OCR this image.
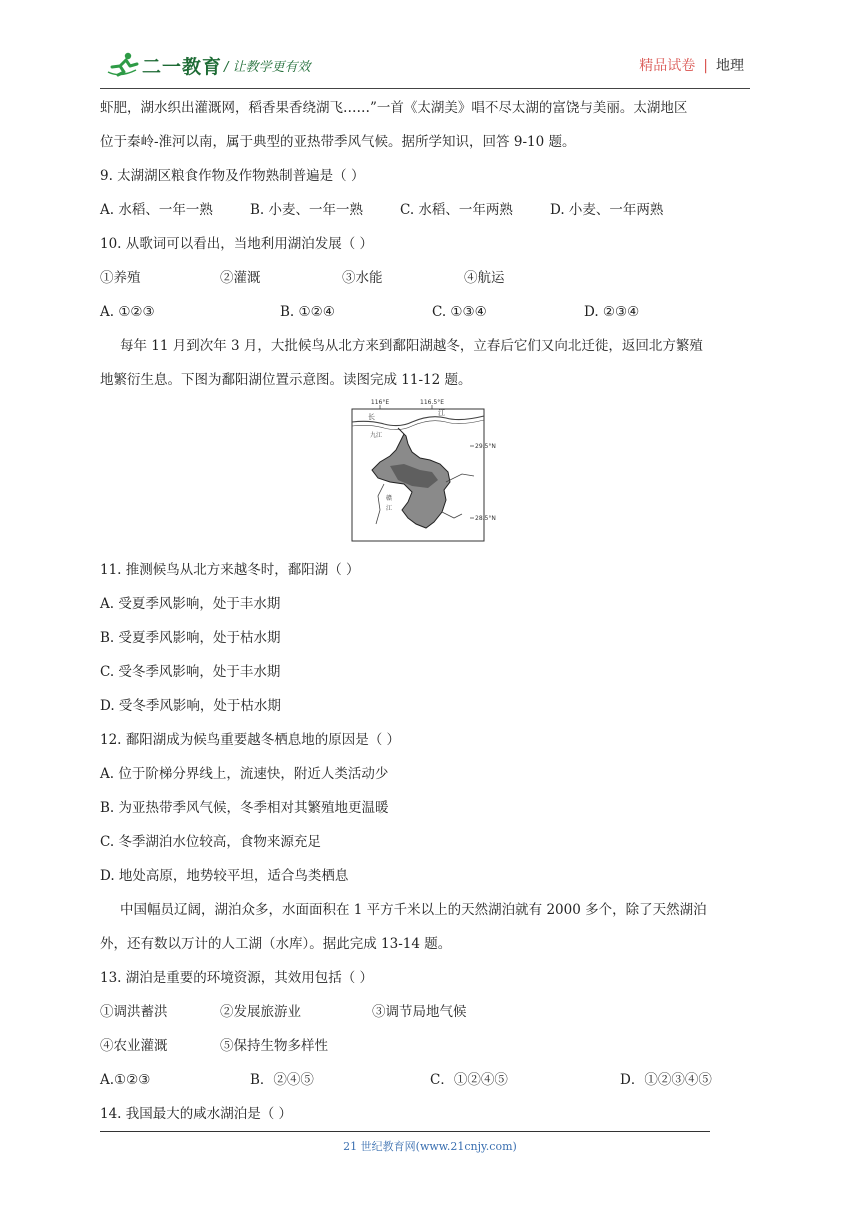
二一教育 / 让教学更有效	精品试卷 | 地理
虾肥，湖水织出灌溉网，稻香果香绕湖飞……”一首《太湖美》唱不尽太湖的富饶与美丽。太湖地区
位于秦岭-淮河以南，属于典型的亚热带季风气候。据所学知识，回答 9-10 题。
9. 太湖湖区粮食作物及作物熟制普遍是（ ）
A. 水稻、一年一熟	B. 小麦、一年一熟	C. 水稻、一年两熟	D. 小麦、一年两熟
10. 从歌词可以看出，当地利用湖泊发展（ ）
①养殖	②灌溉	③水能	④航运
A. ①②③	B. ①②④	C. ①③④	D. ②③④
每年 11 月到次年 3 月，大批候鸟从北方来到鄱阳湖越冬，立春后它们又向北迁徙，返回北方繁殖
地繁衍生息。下图为鄱阳湖位置示意图。读图完成 11-12 题。
116°E	116.5°E
29.5°N
28.5°N
长	江
九江
赣
江
11. 推测候鸟从北方来越冬时，鄱阳湖（ ）
A. 受夏季风影响，处于丰水期
B. 受夏季风影响，处于枯水期
C. 受冬季风影响，处于丰水期
D. 受冬季风影响，处于枯水期
12. 鄱阳湖成为候鸟重要越冬栖息地的原因是（ ）
A. 位于阶梯分界线上，流速快，附近人类活动少
B. 为亚热带季风气候，冬季相对其繁殖地更温暖
C. 冬季湖泊水位较高，食物来源充足
D. 地处高原，地势较平坦，适合鸟类栖息
中国幅员辽阔，湖泊众多，水面面积在 1 平方千米以上的天然湖泊就有 2000 多个，除了天然湖泊
外，还有数以万计的人工湖（水库）。据此完成 13-14 题。
13. 湖泊是重要的环境资源，其效用包括（ ）
①调洪蓄洪	②发展旅游业	③调节局地气候
④农业灌溉	⑤保持生物多样性
A.①②③	B．②④⑤	C．①②④⑤	D．①②③④⑤
14. 我国最大的咸水湖泊是（ ）
21 世纪教育网(www.21cnjy.com)
